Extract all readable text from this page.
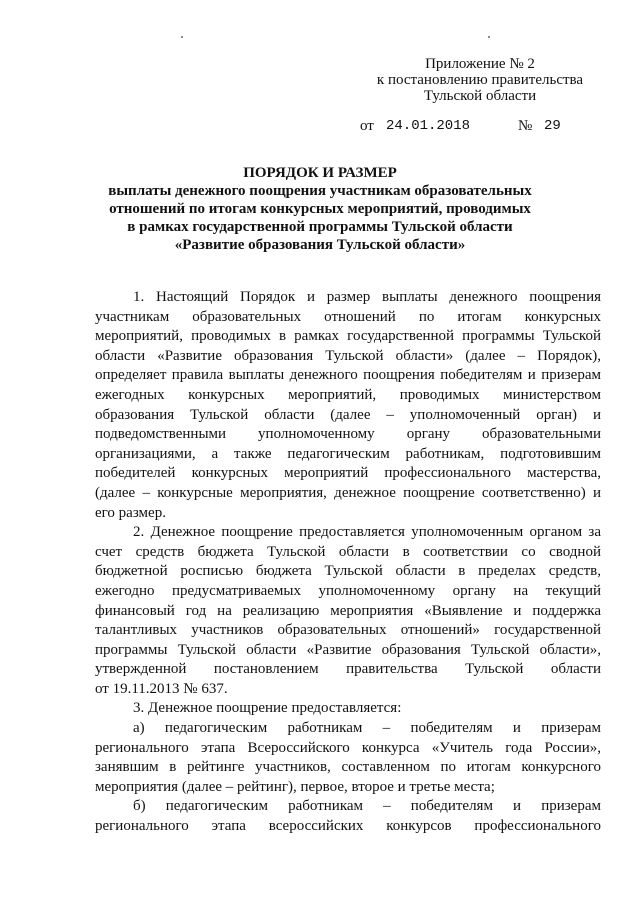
Приложение № 2
к постановлению правительства
Тульской области
от 24.01.2018	№ 29
ПОРЯДОК И РАЗМЕР
выплаты денежного поощрения участникам образовательных
отношений по итогам конкурсных мероприятий, проводимых
в рамках государственной программы Тульской области
«Развитие образования Тульской области»
1. Настоящий Порядок и размер выплаты денежного поощрения
участникам образовательных отношений по итогам конкурсных
мероприятий, проводимых в рамках государственной программы Тульской
области «Развитие образования Тульской области» (далее – Порядок),
определяет правила выплаты денежного поощрения победителям и призерам
ежегодных конкурсных мероприятий, проводимых министерством
образования Тульской области (далее – уполномоченный орган) и
подведомственными уполномоченному органу образовательными
организациями, а также педагогическим работникам, подготовившим
победителей конкурсных мероприятий профессионального мастерства,
(далее – конкурсные мероприятия, денежное поощрение соответственно) и
его размер.
2. Денежное поощрение предоставляется уполномоченным органом за
счет средств бюджета Тульской области в соответствии со сводной
бюджетной росписью бюджета Тульской области в пределах средств,
ежегодно предусматриваемых уполномоченному органу на текущий
финансовый год на реализацию мероприятия «Выявление и поддержка
талантливых участников образовательных отношений» государственной
программы Тульской области «Развитие образования Тульской области»,
утвержденной постановлением правительства Тульской области
от 19.11.2013 № 637.
3. Денежное поощрение предоставляется:
а) педагогическим работникам – победителям и призерам
регионального этапа Всероссийского конкурса «Учитель года России»,
занявшим в рейтинге участников, составленном по итогам конкурсного
мероприятия (далее – рейтинг), первое, второе и третье места;
б) педагогическим работникам – победителям и призерам
регионального этапа всероссийских конкурсов профессионального
